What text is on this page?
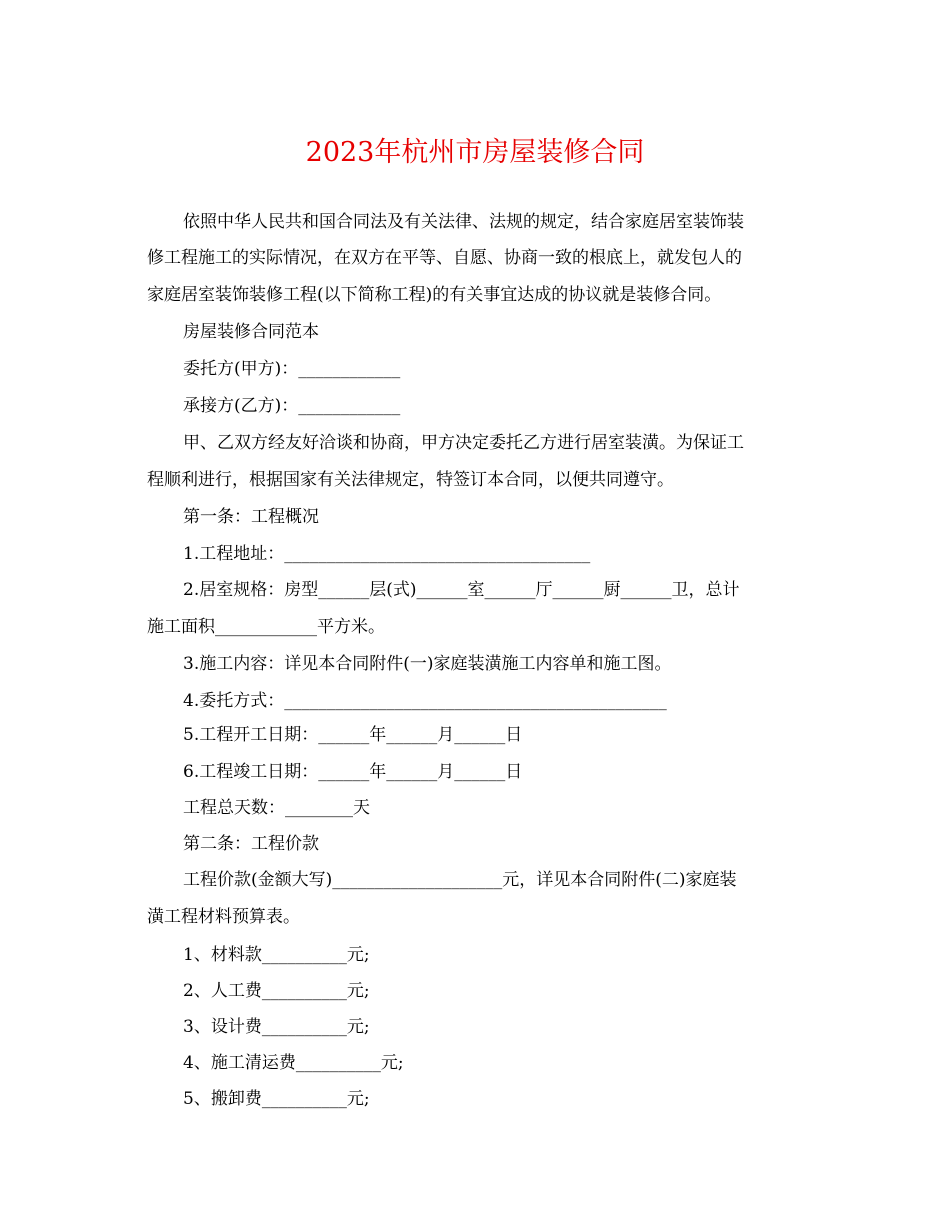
2023年杭州市房屋装修合同
依照中华人民共和国合同法及有关法律、法规的规定，结合家庭居室装饰装
修工程施工的实际情况，在双方在平等、自愿、协商一致的根底上，就发包人的
家庭居室装饰装修工程(以下简称工程)的有关事宜达成的协议就是装修合同。
房屋装修合同范本
委托方(甲方)：____________
承接方(乙方)：____________
甲、乙双方经友好洽谈和协商，甲方决定委托乙方进行居室装潢。为保证工
程顺利进行，根据国家有关法律规定，特签订本合同，以便共同遵守。
第一条：工程概况
1.工程地址：____________________________________
2.居室规格：房型______层(式)______室______厅______厨______卫，总计
施工面积____________平方米。
3.施工内容：详见本合同附件(一)家庭装潢施工内容单和施工图。
4.委托方式：_____________________________________________
5.工程开工日期：______年______月______日
6.工程竣工日期：______年______月______日
工程总天数：________天
第二条：工程价款
工程价款(金额大写)____________________元，详见本合同附件(二)家庭装
潢工程材料预算表。
1、材料款__________元;
2、人工费__________元;
3、设计费__________元;
4、施工清运费__________元;
5、搬卸费__________元;
